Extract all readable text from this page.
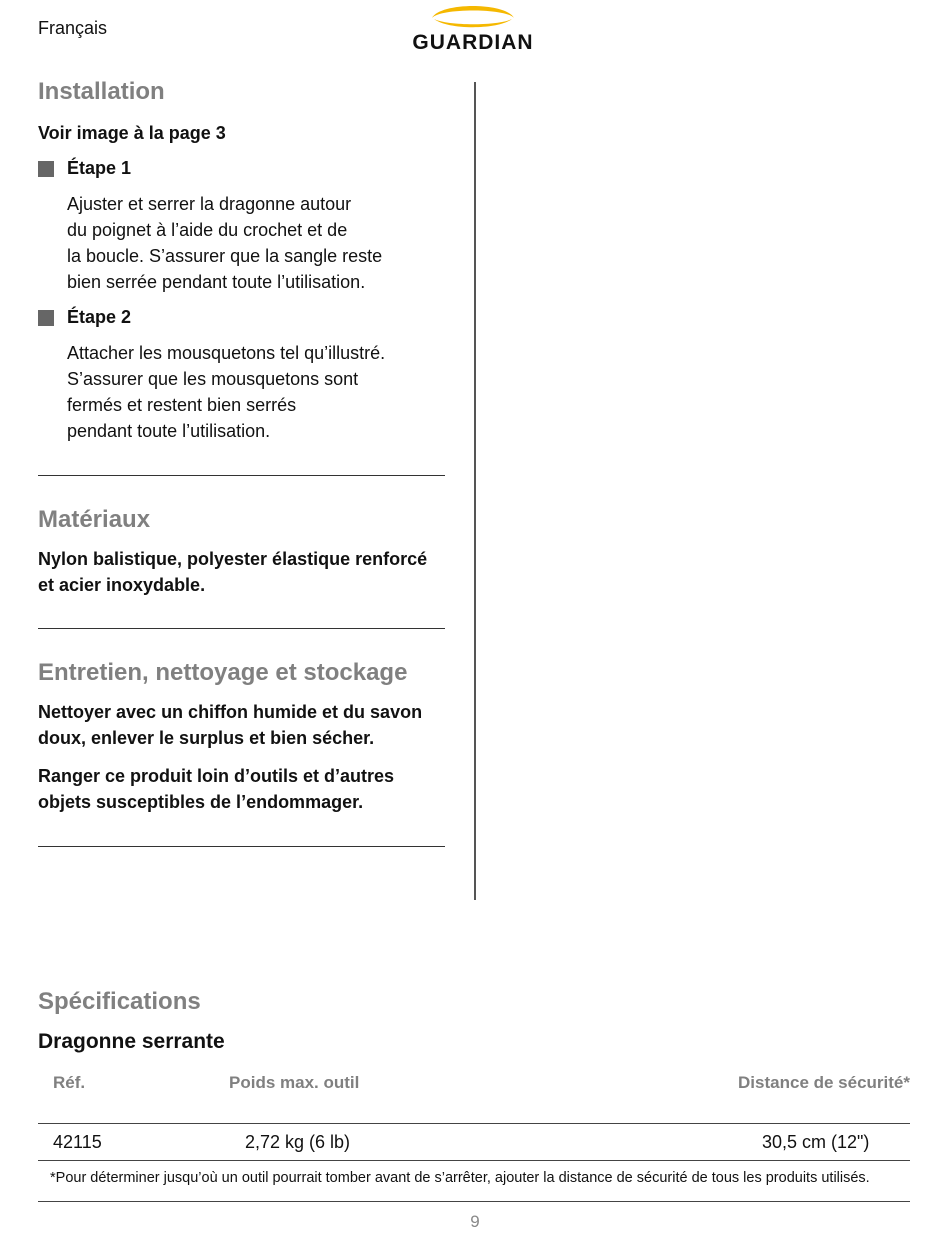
Français
GUARDIAN
Installation

Voir image à la page 3

Étape 1

Ajuster et serrer la dragonne autour
du poignet à l’aide du crochet et de
la boucle. S’assurer que la sangle reste
bien serrée pendant toute l’utilisation.

Étape 2

Attacher les mousquetons tel qu’illustré.
S’assurer que les mousquetons sont
fermés et restent bien serrés
pendant toute l’utilisation.

Matériaux

Nylon balistique, polyester élastique renforcé et acier inoxydable.

Entretien, nettoyage et stockage

Nettoyer avec un chiffon humide et du savon doux, enlever le surplus et bien sécher.

Ranger ce produit loin d’outils et d’autres objets susceptibles de l’endommager.

Spécifications
Dragonne serrante
Réf.	Poids max. outil	Distance de sécurité*
42115	2,72 kg (6 lb)	30,5 cm (12")
*Pour déterminer jusqu’où un outil pourrait tomber avant de s’arrêter, ajouter la distance de sécurité de tous les produits utilisés.
9
